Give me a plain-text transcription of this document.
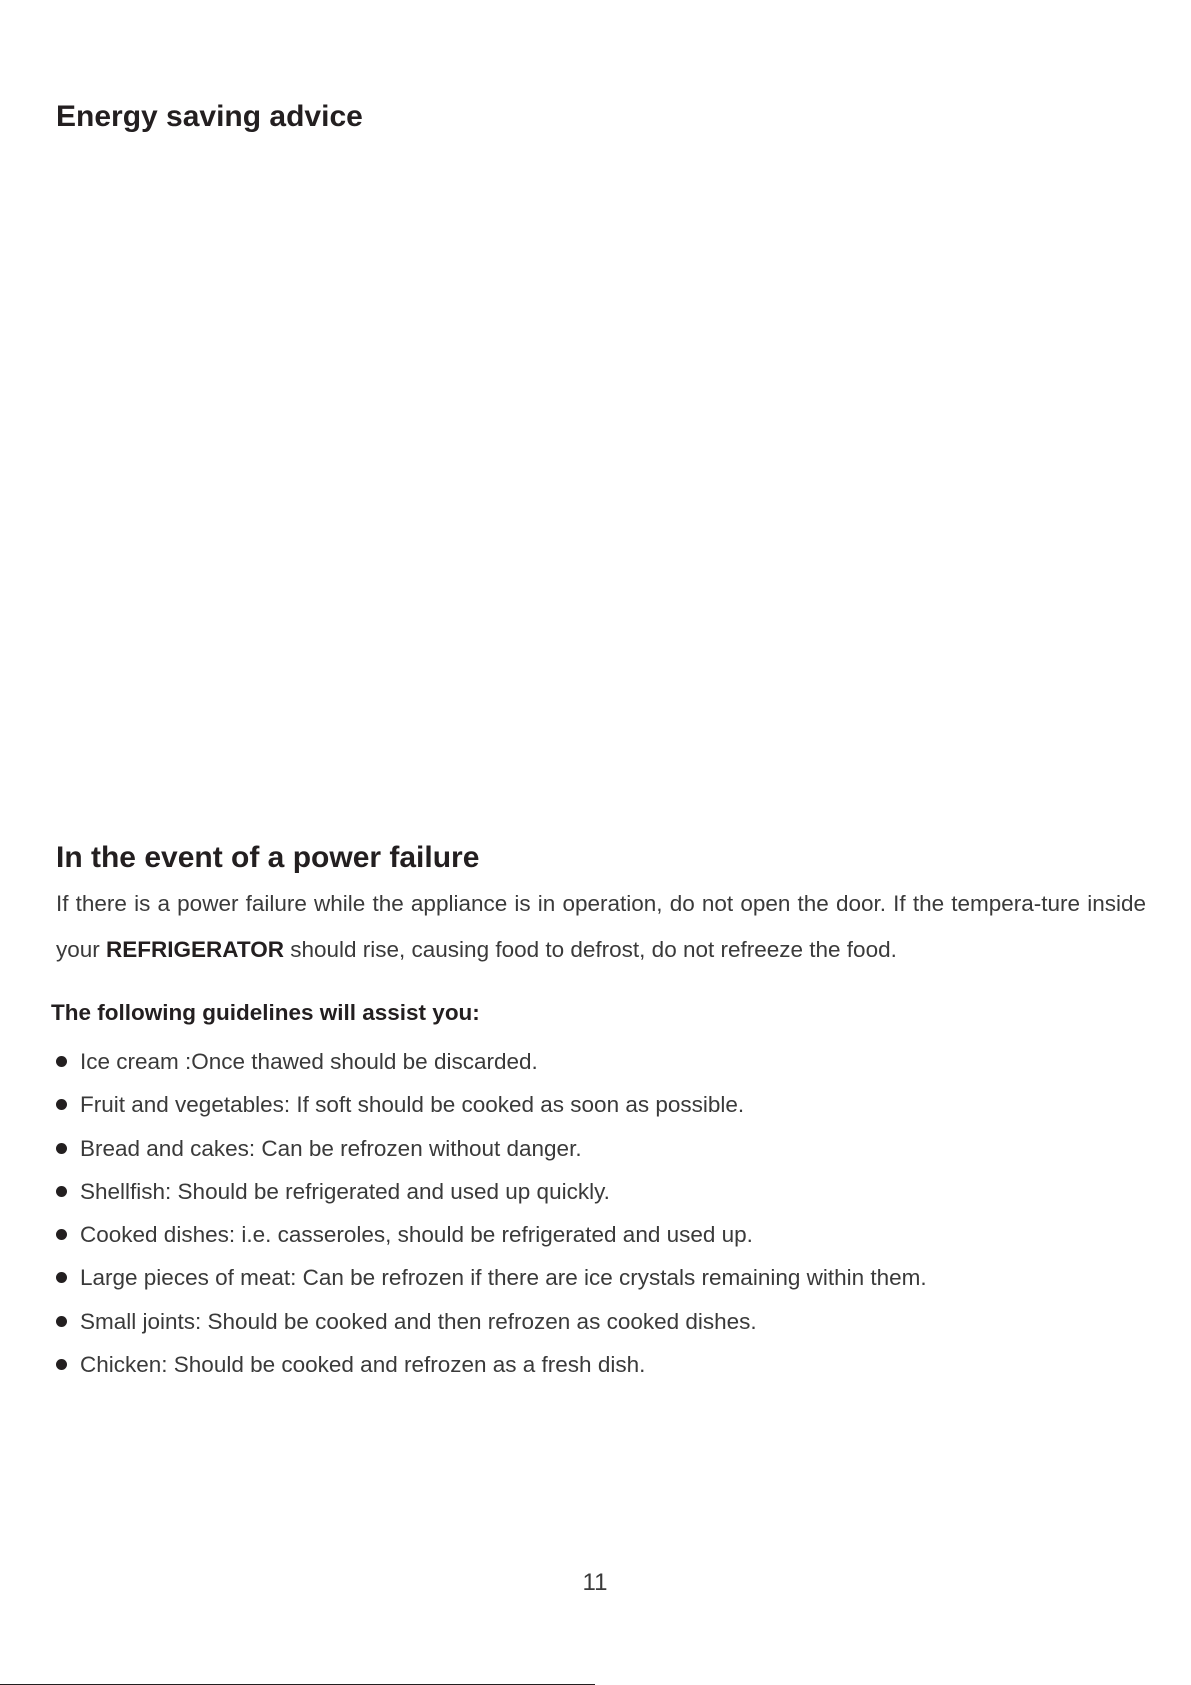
Energy saving advice
In the event of a power failure

If there is a power failure while the appliance is in operation, do not open the door. If the tempera-ture inside your REFRIGERATOR should rise, causing food to defrost, do not refreeze the food.

The following guidelines will assist you:
Ice cream :Once thawed should be discarded.
Fruit and vegetables: If soft should be cooked as soon as possible.
Bread and cakes: Can be refrozen without danger.
Shellfish: Should be refrigerated and used up quickly.
Cooked dishes: i.e. casseroles, should be refrigerated and used up.
Large pieces of meat: Can be refrozen if there are ice crystals remaining within them.
Small joints: Should be cooked and then refrozen as cooked dishes.
Chicken: Should be cooked and refrozen as a fresh dish.

11
